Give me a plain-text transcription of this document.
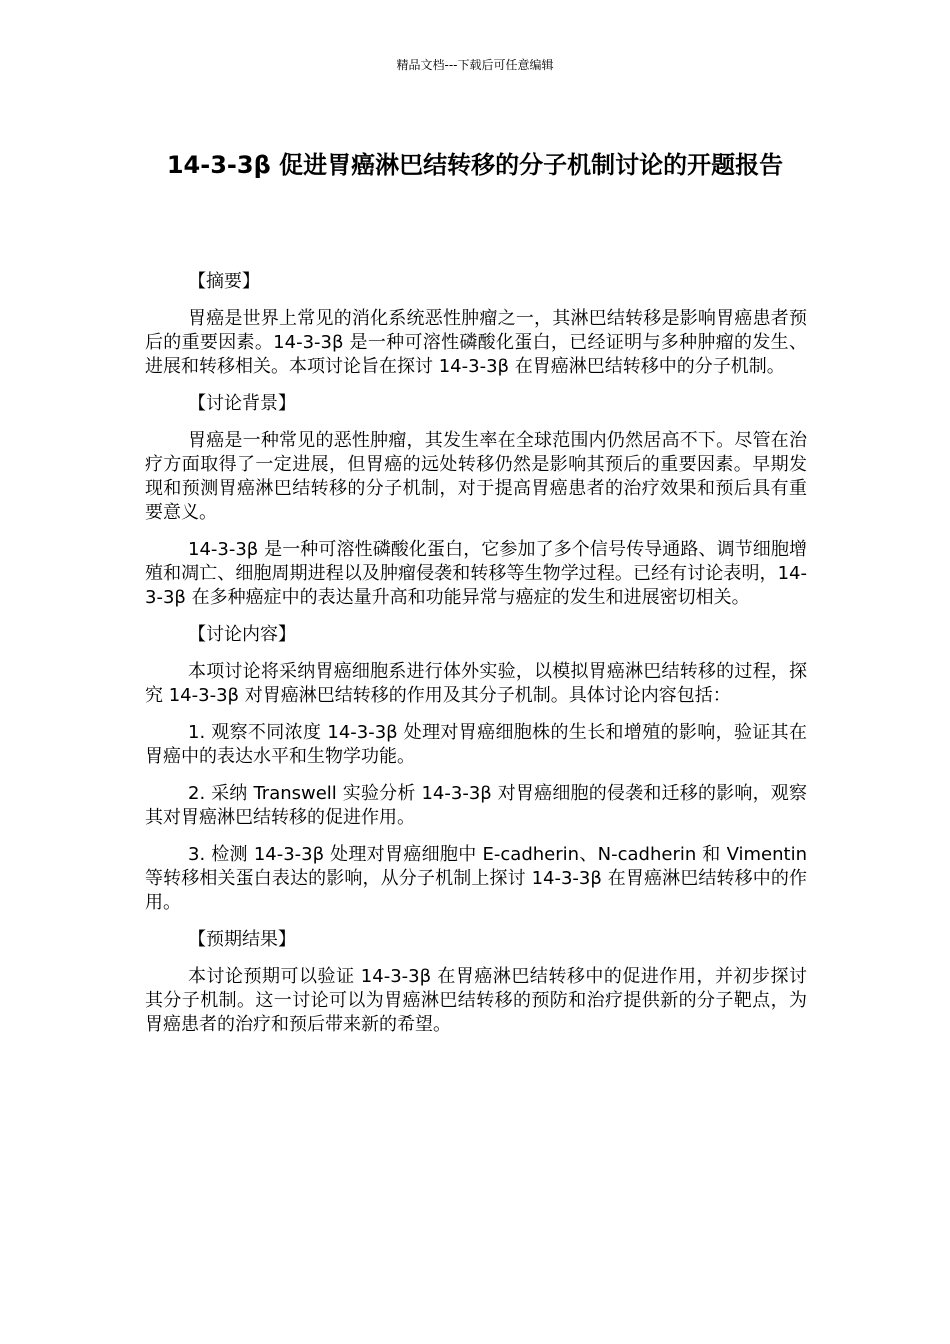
精品文档---下载后可任意编辑
14-3-3β 促进胃癌淋巴结转移的分子机制讨论的开题报告
【摘要】

胃癌是世界上常见的消化系统恶性肿瘤之一，其淋巴结转移是影响胃癌患者预后的重要因素。14-3-3β 是一种可溶性磷酸化蛋白，已经证明与多种肿瘤的发生、进展和转移相关。本项讨论旨在探讨 14-3-3β 在胃癌淋巴结转移中的分子机制。

【讨论背景】

胃癌是一种常见的恶性肿瘤，其发生率在全球范围内仍然居高不下。尽管在治疗方面取得了一定进展，但胃癌的远处转移仍然是影响其预后的重要因素。早期发现和预测胃癌淋巴结转移的分子机制，对于提高胃癌患者的治疗效果和预后具有重要意义。

14-3-3β 是一种可溶性磷酸化蛋白，它参加了多个信号传导通路、调节细胞增殖和凋亡、细胞周期进程以及肿瘤侵袭和转移等生物学过程。已经有讨论表明，14-3-3β 在多种癌症中的表达量升高和功能异常与癌症的发生和进展密切相关。

【讨论内容】

本项讨论将采纳胃癌细胞系进行体外实验，以模拟胃癌淋巴结转移的过程，探究 14-3-3β 对胃癌淋巴结转移的作用及其分子机制。具体讨论内容包括：

1. 观察不同浓度 14-3-3β 处理对胃癌细胞株的生长和增殖的影响，验证其在胃癌中的表达水平和生物学功能。

2. 采纳 Transwell 实验分析 14-3-3β 对胃癌细胞的侵袭和迁移的影响，观察其对胃癌淋巴结转移的促进作用。

3. 检测 14-3-3β 处理对胃癌细胞中 E-cadherin、N-cadherin 和 Vimentin 等转移相关蛋白表达的影响，从分子机制上探讨 14-3-3β 在胃癌淋巴结转移中的作用。

【预期结果】

本讨论预期可以验证 14-3-3β 在胃癌淋巴结转移中的促进作用，并初步探讨其分子机制。这一讨论可以为胃癌淋巴结转移的预防和治疗提供新的分子靶点，为胃癌患者的治疗和预后带来新的希望。
